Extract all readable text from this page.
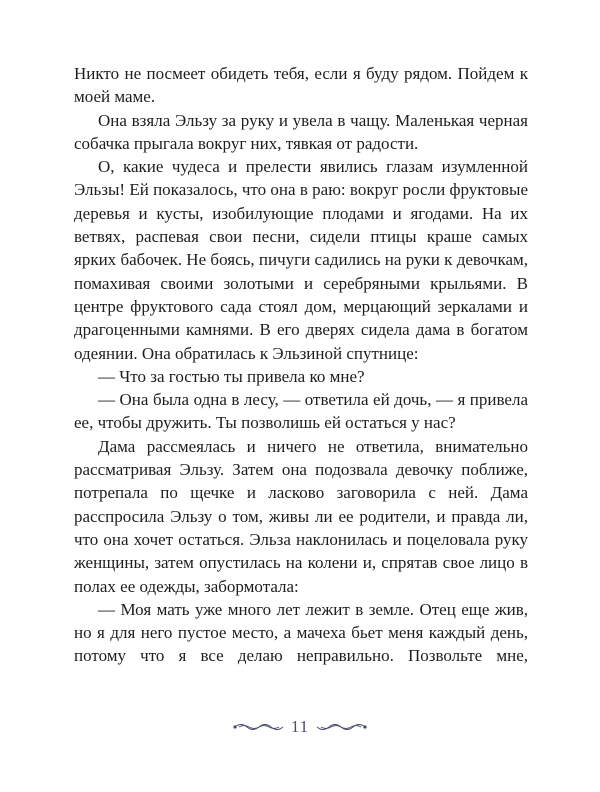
Никто не посмеет обидеть тебя, если я буду рядом. Пойдем к моей маме.

Она взяла Эльзу за руку и увела в чащу. Маленькая черная собачка прыгала вокруг них, тявкая от радости.

О, какие чудеса и прелести явились глазам изумленной Эльзы! Ей показалось, что она в раю: вокруг росли фруктовые деревья и кусты, изобилующие плодами и ягодами. На их ветвях, распевая свои песни, сидели птицы краше самых ярких бабочек. Не боясь, пичуги садились на руки к девочкам, помахивая своими золотыми и серебряными крыльями. В центре фруктового сада стоял дом, мерцающий зеркалами и драгоценными камнями. В его дверях сидела дама в богатом одеянии. Она обратилась к Эльзиной спутнице:

— Что за гостью ты привела ко мне?

— Она была одна в лесу, — ответила ей дочь, — я привела ее, чтобы дружить. Ты позволишь ей остаться у нас?

Дама рассмеялась и ничего не ответила, внимательно рассматривая Эльзу. Затем она подозвала девочку поближе, потрепала по щечке и ласково заговорила с ней. Дама расспросила Эльзу о том, живы ли ее родители, и правда ли, что она хочет остаться. Эльза наклонилась и поцеловала руку женщины, затем опустилась на колени и, спрятав свое лицо в полах ее одежды, забормотала:

— Моя мать уже много лет лежит в земле. Отец еще жив, но я для него пустое место, а мачеха бьет меня каждый день, потому что я все делаю неправильно. Позвольте мне,

11
